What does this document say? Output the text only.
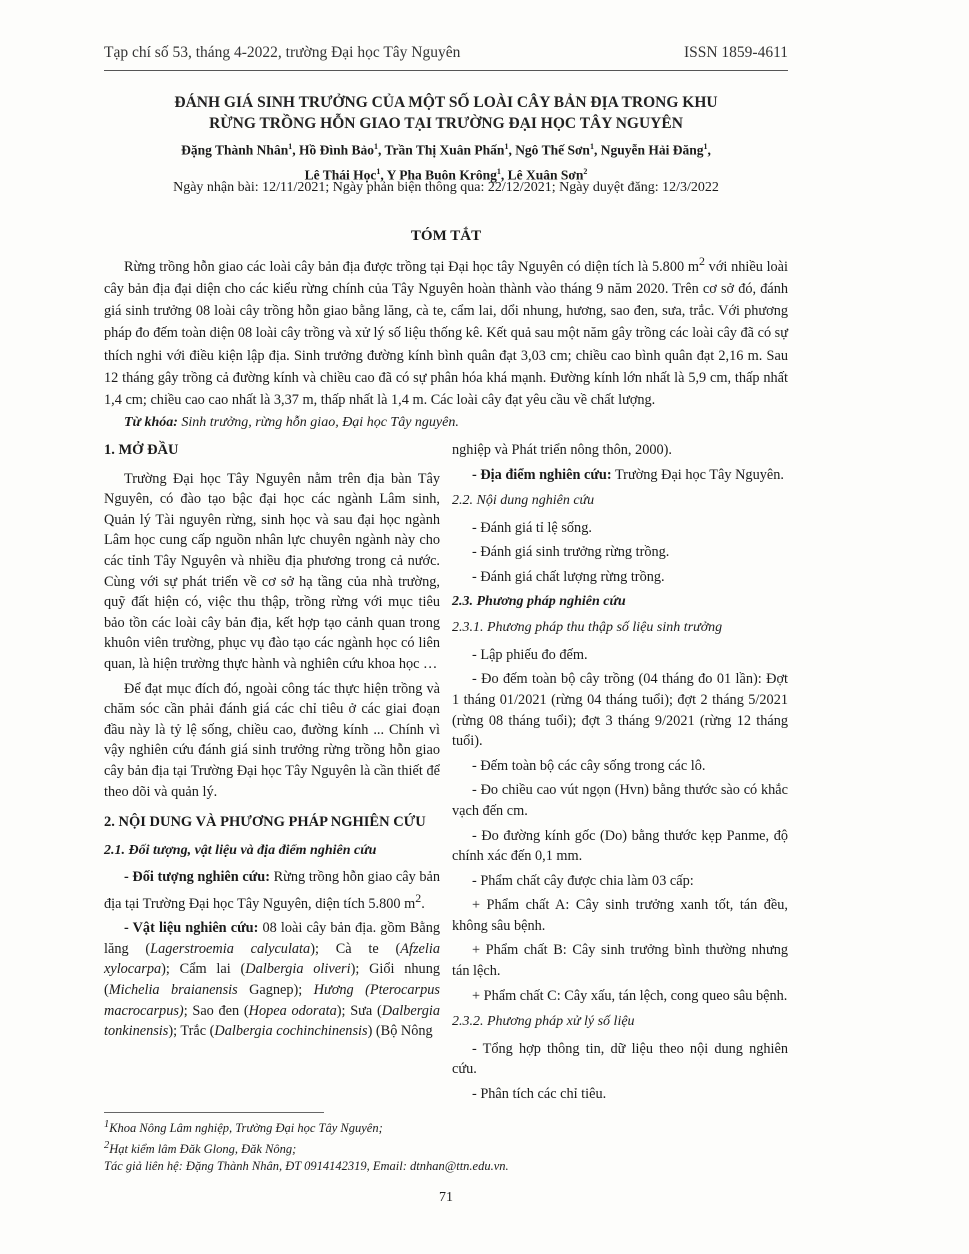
Tạp chí số 53, tháng 4-2022, trường Đại học Tây Nguyên	ISSN 1859-4611
ĐÁNH GIÁ SINH TRƯỞNG CỦA MỘT SỐ LOÀI CÂY BẢN ĐỊA TRONG KHU
RỪNG TRỒNG HỖN GIAO TẠI TRƯỜNG ĐẠI HỌC TÂY NGUYÊN
Đặng Thành Nhân$^1$, Hồ Đình Bảo$^1$, Trần Thị Xuân Phấn$^1$, Ngô Thế Sơn$^1$, Nguyễn Hải Đăng$^1$,
Lê Thái Học$^1$, Y Pha Buôn Krông$^1$, Lê Xuân Sơn$^2$
Ngày nhận bài: 12/11/2021; Ngày phản biện thông qua: 22/12/2021; Ngày duyệt đăng: 12/3/2022
TÓM TẮT
Rừng trồng hỗn giao các loài cây bản địa được trồng tại Đại học tây Nguyên có diện tích là 5.800 $m^2$ với nhiều loài cây bản địa đại diện cho các kiểu rừng chính của Tây Nguyên hoàn thành vào tháng 9 năm 2020. Trên cơ sở đó, đánh giá sinh trưởng 08 loài cây trồng hỗn giao bằng lăng, cà te, cẩm lai, dổi nhung, hương, sao đen, sưa, trắc. Với phương pháp đo đếm toàn diện 08 loài cây trồng và xử lý số liệu thống kê. Kết quả sau một năm gây trồng các loài cây đã có sự thích nghi với điều kiện lập địa. Sinh trưởng đường kính bình quân đạt 3,03 cm; chiều cao bình quân đạt 2,16 m. Sau 12 tháng gây trồng cả đường kính và chiều cao đã có sự phân hóa khá mạnh. Đường kính lớn nhất là 5,9 cm, thấp nhất 1,4 cm; chiều cao cao nhất là 3,37 m, thấp nhất là 1,4 m. Các loài cây đạt yêu cầu về chất lượng.
Từ khóa: Sinh trưởng, rừng hỗn giao, Đại học Tây nguyên.
1. MỞ ĐẦU

Trường Đại học Tây Nguyên nằm trên địa bàn Tây Nguyên, có đào tạo bậc đại học các ngành Lâm sinh, Quản lý Tài nguyên rừng, sinh học và sau đại học ngành Lâm học cung cấp nguồn nhân lực chuyên ngành này cho các tỉnh Tây Nguyên và nhiều địa phương trong cả nước. Cùng với sự phát triển về cơ sở hạ tầng của nhà trường, quỹ đất hiện có, việc thu thập, trồng rừng với mục tiêu bảo tồn các loài cây bản địa, kết hợp tạo cảnh quan trong khuôn viên trường, phục vụ đào tạo các ngành học có liên quan, là hiện trường thực hành và nghiên cứu khoa học …

Để đạt mục đích đó, ngoài công tác thực hiện trồng và chăm sóc cần phải đánh giá các chỉ tiêu ở các giai đoạn đầu này là tỷ lệ sống, chiều cao, đường kính ... Chính vì vậy nghiên cứu đánh giá sinh trưởng rừng trồng hỗn giao cây bản địa tại Trường Đại học Tây Nguyên là cần thiết để theo dõi và quản lý.

2. NỘI DUNG VÀ PHƯƠNG PHÁP NGHIÊN CỨU
2.1. Đối tượng, vật liệu và địa điểm nghiên cứu

- Đối tượng nghiên cứu: Rừng trồng hỗn giao cây bản địa tại Trường Đại học Tây Nguyên, diện tích 5.800 $m^2$.

- Vật liệu nghiên cứu: 08 loài cây bản địa. gồm Bằng lăng (Lagerstroemia calyculata); Cà te (Afzelia xylocarpa); Cẩm lai (Dalbergia oliveri); Giổi nhung (Michelia braianensis Gagnep); Hương (Pterocarpus macrocarpus); Sao đen (Hopea odorata); Sưa (Dalbergia tonkinensis); Trắc (Dalbergia cochinchinensis) (Bộ Nông

nghiệp và Phát triển nông thôn, 2000).

- Địa điểm nghiên cứu: Trường Đại học Tây Nguyên.

2.2. Nội dung nghiên cứu
- Đánh giá tỉ lệ sống.
- Đánh giá sinh trưởng rừng trồng.
- Đánh giá chất lượng rừng trồng.
2.3. Phương pháp nghiên cứu
2.3.1. Phương pháp thu thập số liệu sinh trưởng
- Lập phiếu đo đếm.

- Đo đếm toàn bộ cây trồng (04 tháng đo 01 lần): Đợt 1 tháng 01/2021 (rừng 04 tháng tuổi); đợt 2 tháng 5/2021 (rừng 08 tháng tuổi); đợt 3 tháng 9/2021 (rừng 12 tháng tuổi).

- Đếm toàn bộ các cây sống trong các lô.

- Đo chiều cao vút ngọn (Hvn) bằng thước sào có khắc vạch đến cm.

- Đo đường kính gốc (Do) bằng thước kẹp Panme, độ chính xác đến 0,1 mm.

- Phẩm chất cây được chia làm 03 cấp:

+ Phẩm chất A: Cây sinh trưởng xanh tốt, tán đều, không sâu bệnh.

+ Phẩm chất B: Cây sinh trưởng bình thường nhưng tán lệch.

+ Phẩm chất C: Cây xấu, tán lệch, cong queo sâu bệnh.

2.3.2. Phương pháp xử lý số liệu

- Tổng hợp thông tin, dữ liệu theo nội dung nghiên cứu.

- Phân tích các chỉ tiêu.
$^1$Khoa Nông Lâm nghiệp, Trường Đại học Tây Nguyên;
$^2$Hạt kiểm lâm Đăk Glong, Đăk Nông;
Tác giả liên hệ: Đặng Thành Nhân, ĐT 0914142319, Email: dtnhan@ttn.edu.vn.
71
